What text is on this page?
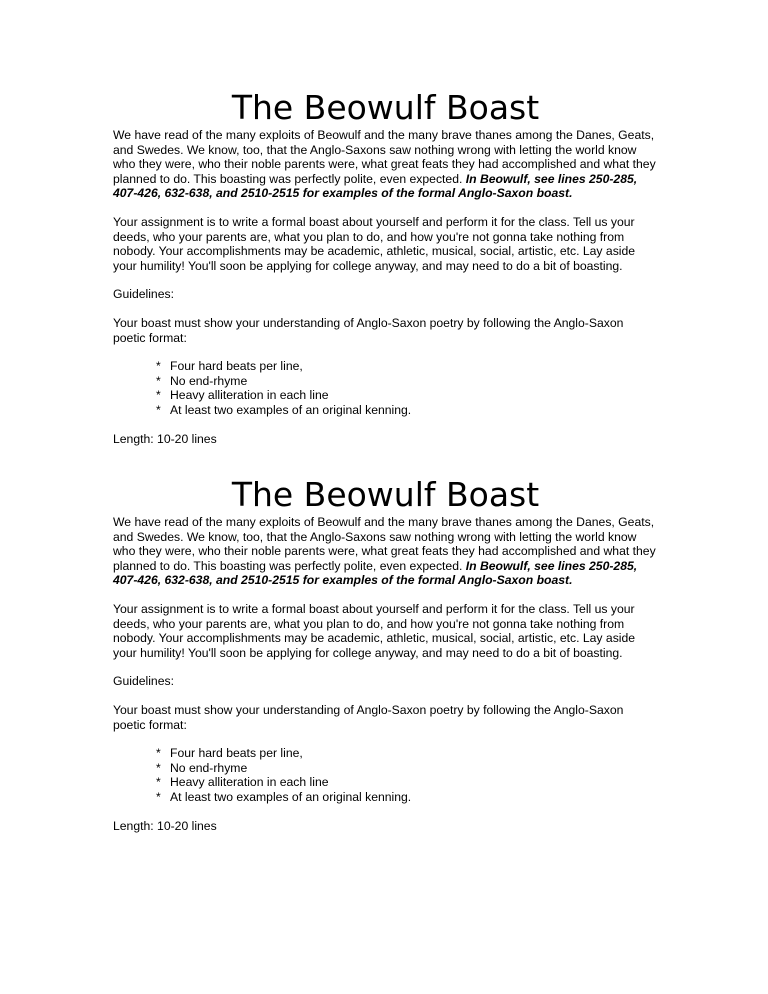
The Beowulf Boast

We have read of the many exploits of Beowulf and the many brave thanes among the Danes, Geats, and Swedes. We know, too, that the Anglo-Saxons saw nothing wrong with letting the world know who they were, who their noble parents were, what great feats they had accomplished and what they planned to do. This boasting was perfectly polite, even expected. In Beowulf, see lines 250-285, 407-426, 632-638, and 2510-2515 for examples of the formal Anglo-Saxon boast.

Your assignment is to write a formal boast about yourself and perform it for the class. Tell us your deeds, who your parents are, what you plan to do, and how you're not gonna take nothing from nobody. Your accomplishments may be academic, athletic, musical, social, artistic, etc. Lay aside your humility! You'll soon be applying for college anyway, and may need to do a bit of boasting.

Guidelines:

Your boast must show your understanding of Anglo-Saxon poetry by following the Anglo-Saxon poetic format:

* Four hard beats per line,
* No end-rhyme
* Heavy alliteration in each line
* At least two examples of an original kenning.

Length: 10-20 lines

The Beowulf Boast

We have read of the many exploits of Beowulf and the many brave thanes among the Danes, Geats, and Swedes. We know, too, that the Anglo-Saxons saw nothing wrong with letting the world know who they were, who their noble parents were, what great feats they had accomplished and what they planned to do. This boasting was perfectly polite, even expected. In Beowulf, see lines 250-285, 407-426, 632-638, and 2510-2515 for examples of the formal Anglo-Saxon boast.

Your assignment is to write a formal boast about yourself and perform it for the class. Tell us your deeds, who your parents are, what you plan to do, and how you're not gonna take nothing from nobody. Your accomplishments may be academic, athletic, musical, social, artistic, etc. Lay aside your humility! You'll soon be applying for college anyway, and may need to do a bit of boasting.

Guidelines:

Your boast must show your understanding of Anglo-Saxon poetry by following the Anglo-Saxon poetic format:

* Four hard beats per line,
* No end-rhyme
* Heavy alliteration in each line
* At least two examples of an original kenning.

Length: 10-20 lines
